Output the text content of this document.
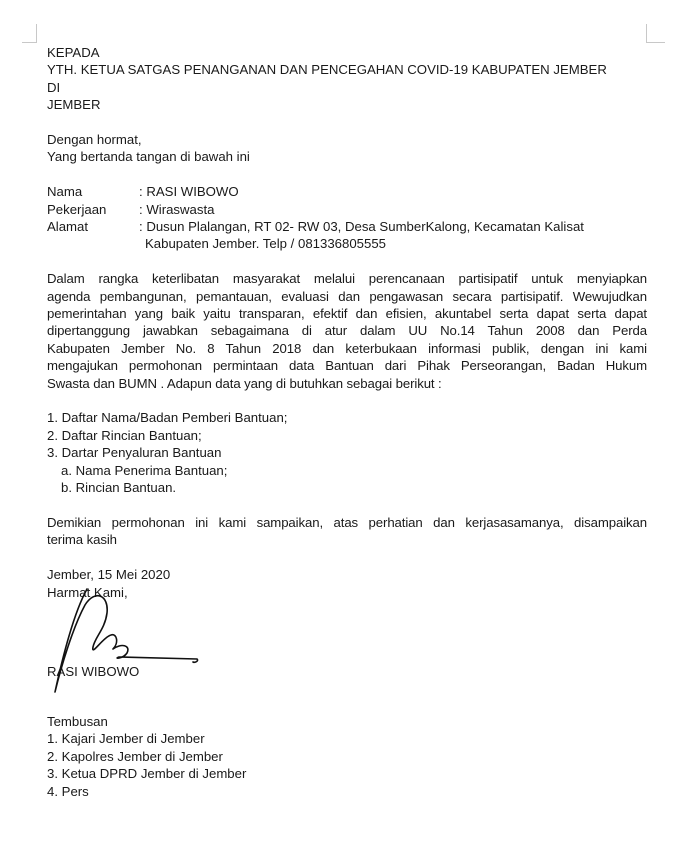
KEPADA
YTH. KETUA SATGAS PENANGANAN DAN PENCEGAHAN COVID-19 KABUPATEN JEMBER
DI
JEMBER
Dengan hormat,
Yang bertanda tangan di bawah ini
Nama	: RASI WIBOWO
Pekerjaan	: Wiraswasta
Alamat	: Dusun Plalangan, RT 02- RW 03, Desa SumberKalong, Kecamatan Kalisat
Kabupaten Jember. Telp / 081336805555
Dalam rangka keterlibatan masyarakat melalui perencanaan partisipatif untuk menyiapkan
agenda pembangunan, pemantauan, evaluasi dan pengawasan secara partisipatif. Wewujudkan
pemerintahan yang baik yaitu transparan, efektif dan efisien, akuntabel serta dapat serta dapat
dipertanggung jawabkan sebagaimana di atur dalam UU No.14 Tahun 2008 dan Perda
Kabupaten Jember No. 8 Tahun 2018 dan keterbukaan informasi publik, dengan ini kami
mengajukan permohonan permintaan data Bantuan dari Pihak Perseorangan, Badan Hukum
Swasta dan BUMN . Adapun data yang di butuhkan sebagai berikut :
1. Daftar Nama/Badan Pemberi Bantuan;
2. Daftar Rincian Bantuan;
3. Dartar Penyaluran Bantuan
a. Nama Penerima Bantuan;
b. Rincian Bantuan.
Demikian permohonan ini kami sampaikan, atas perhatian dan kerjasasamanya, disampaikan
terima kasih
Jember, 15 Mei 2020
Harmat Kami,
RASI WIBOWO
Tembusan
1. Kajari Jember di Jember
2. Kapolres Jember di Jember
3. Ketua DPRD Jember di Jember
4. Pers
